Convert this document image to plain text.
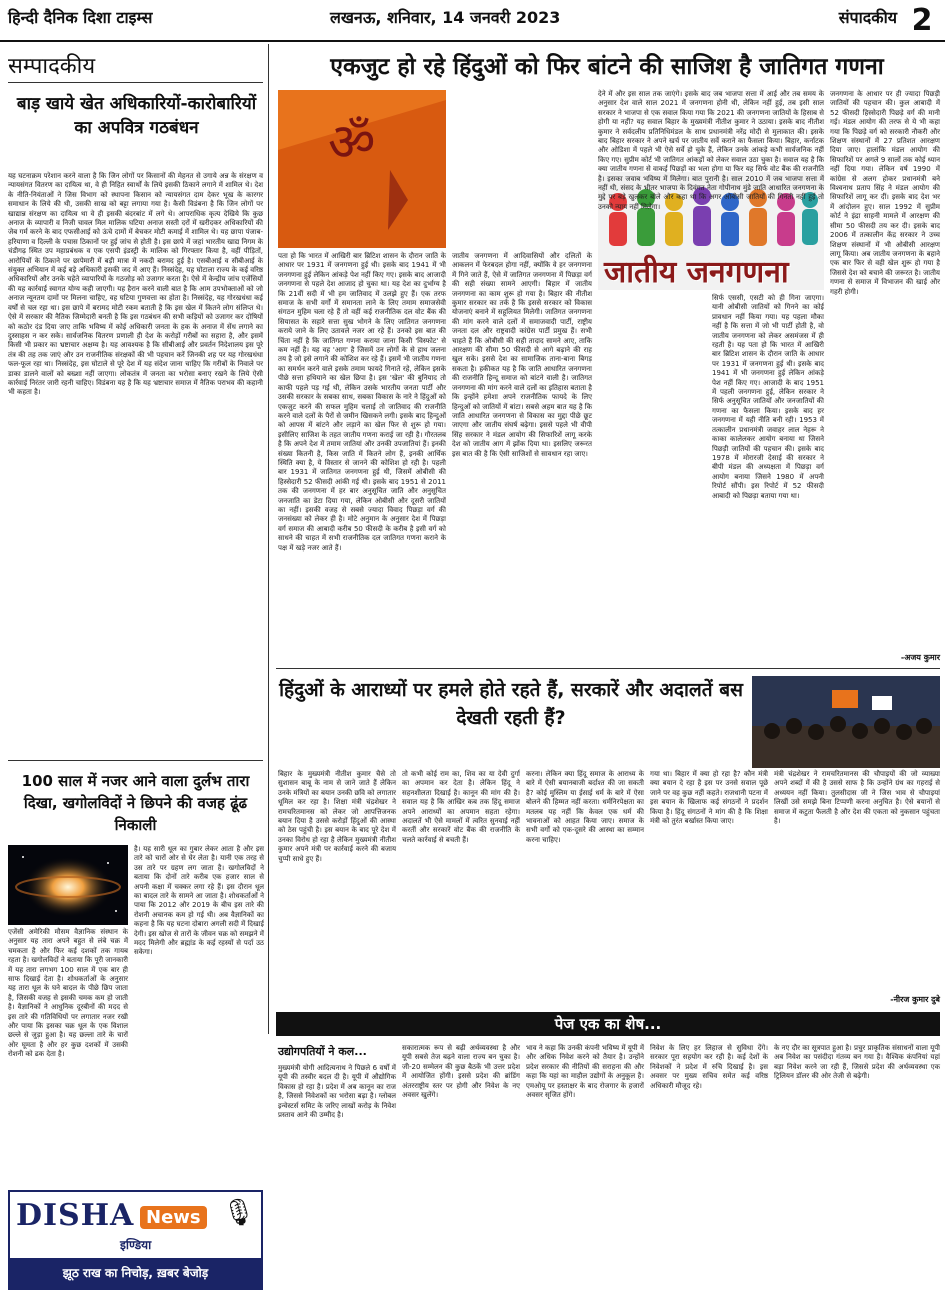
हिन्दी दैनिक दिशा टाइम्स	लखनऊ, शनिवार, 14 जनवरी 2023	संपादकीय 2
सम्पादकीय
बाड़ खाये खेत अधिकारियों-कारोबारियों का अपवित्र गठबंधन
यह घटनाक्रम परेशान करने वाला है कि जिन लोगों पर किसानों की मेहनत से उगाये अन्न के संरक्षण व न्यायसंगत वितरण का दायित्व था, वे ही निहित स्वार्थों के लिये इसकी ठिकाने लगाने में शामिल थे। देश के नीति-नियंताओं ने जिस विभाग को स्थापना किसान को न्यायसंगत दाम देकर भूख के कारगर समाधान के लिये की थी, उसकी साख को बट्टा लगाया गया है। कैसी विडंबना है कि जिन लोगों पर खाद्यान्न संरक्षण का दायित्व था वे ही इसकी बंदरबांट में लगे थे। आपराधिक कृत्य देखिये कि कुछ अनाज के व्यापारी व निजी चावल मिल मालिक घटिया अनाज सस्ती दरों में खरीदकर अधिकारियों की जेब गर्म करने के बाद एफसीआई को ऊंचे दामों में बेचकर मोटी कमाई में शामिल थे। यह छापा पंजाब-हरियाणा व दिल्ली के पचास ठिकानों पर हुई जांच से होती है। इस छापे में जहां भारतीय खाद्य निगम के चंडीगढ़ स्थित उप महाप्रबंधक व एक एसपी इंडस्ट्री के मालिक को गिरफ्तार किया है, वहीं पीड़ितों, आरोपियों के ठिकाने पर छापेमारी में बड़ी मात्रा में नकदी बरामद हुई है। एसबीआई व सीबीआई के संयुक्त अभियान में कई बड़े अधिकारी इसकी जद में आए हैं। निस्संदेह, यह घोटाला राज्य के कई वरिष्ठ अधिकारियों और उनके चहेते व्यापारियों के गठजोड़ को उजागर करता है। ऐसे में केन्द्रीय जांच एजेंसियों की यह कार्रवाई स्वागत योग्य कही जाएगी। यह हैरान करने वाली बात है कि आम उपभोक्ताओं को जो अनाज न्यूनतम दामों पर मिलना चाहिए, वह घटिया गुणवत्ता का होता है। निस्संदेह, यह गोरखधंधा कई वर्षों से चल रहा था। इस छापे में बरामद मोटी रकम बताती है कि इस खेल में कितने लोग संलिप्त थे। ऐसे में सरकार की नैतिक जिम्मेदारी बनती है कि इस गठबंधन की सभी कड़ियों को उजागर कर दोषियों को कठोर दंड दिया जाए ताकि भविष्य में कोई अधिकारी जनता के हक के अनाज में सेंध लगाने का दुस्साहस न कर सके। सार्वजनिक वितरण प्रणाली ही देश के करोड़ों गरीबों का सहारा है, और इसमें किसी भी प्रकार का भ्रष्टाचार अक्षम्य है। यह आवश्यक है कि सीबीआई और प्रवर्तन निदेशालय इस पूरे तंत्र की तह तक जाएं और उन राजनीतिक संरक्षकों की भी पहचान करें जिनकी शह पर यह गोरखधंधा फल-फूल रहा था। निस्संदेह, इस घोटाले से पूरे देश में यह संदेश जाना चाहिए कि गरीबों के निवाले पर डाका डालने वालों को बख्शा नहीं जाएगा। लोकतंत्र में जनता का भरोसा बनाए रखने के लिये ऐसी कार्रवाई निरंतर जारी रहनी चाहिए। विडंबना यह है कि यह भ्रष्टाचार समाज में नैतिक पराभव की कहानी भी कहता है।
100 साल में नजर आने वाला दुर्लभ तारा दिखा, खगोलविदों ने छिपने की वजह ढूंढ निकाली
एजेंसी अमेरिकी मौसम वैज्ञानिक संस्थान के अनुसार यह तारा अपने बहुत से लंबे चक्र में चमकता है और फिर कई दशकों तक गायब रहता है। खगोलविदों ने बताया कि पूरी जानकारी में यह तारा लगभग 100 साल में एक बार ही साफ दिखाई देता है। शोधकर्ताओं के अनुसार यह तारा धूल के घने बादल के पीछे छिप जाता है, जिसकी वजह से इसकी चमक कम हो जाती है। वैज्ञानिकों ने आधुनिक दूरबीनों की मदद से इस तारे की गतिविधियों पर लगातार नजर रखी और पाया कि इसका चक्र धूल के एक विशाल छल्ले से जुड़ा हुआ है। यह छल्ला तारे के चारों ओर घूमता है और हर कुछ दशकों में उसकी रोशनी को ढक देता है।
है। यह सारी धूल का गुबार लेकर आता है और इस तारे को चारों ओर से घेर लेता है। यानी एक तरह से उस तारे पर ग्रहण लग जाता है। खगोलविदों ने बताया कि दोनों तारे करीब एक हजार साल से अपनी कक्षा में चक्कर लगा रहे हैं। इस दौरान धूल का बादल तारे के सामने आ जाता है। शोधकर्ताओं ने पाया कि 2012 और 2019 के बीच इस तारे की रोशनी अचानक कम हो गई थी। अब वैज्ञानिकों का कहना है कि यह घटना दोबारा अगली सदी में दिखाई देगी। इस खोज से तारों के जीवन चक्र को समझने में मदद मिलेगी और ब्रह्मांड के कई रहस्यों से पर्दा उठ सकेगा।
एकजुट हो रहे हिंदुओं को फिर बांटने की साजिश है जातिगत गणना
ॐ
पता हो कि भारत में आखिरी बार ब्रिटिश शासन के दौरान जाति के आधार पर 1931 में जनगणना हुई थी। इसके बाद 1941 में भी जनगणना हुई लेकिन आंकड़े पेश नहीं किए गए। इसके बाद आजादी जनगणना से पहले देश आजाद हो चुका था। यह देश का दुर्भाग्य है कि 21वीं सदी में भी हम जातिवाद में उलझे हुए हैं। एक तरफ समाज के सभी वर्गों में समानता लाने के लिए तमाम समाजसेवी संगठन मुहिम चला रहे हैं तो वहीं कई राजनीतिक दल वोट बैंक की सियासत के सहारे सत्ता सुख भोगने के लिए जातिगत जनगणना कराये जाने के लिए उतावले नजर आ रहे हैं। उनको इस बात की चिंता नहीं है कि जातिगत गणना कराया जाना किसी 'विस्फोट' से कम नहीं है। यह वह 'आग' है जिसमें उन लोगों के से हाथ जलना तय है जो इसे लगाने की कोशिश कर रहे हैं। इसमें भी जातीय गणना का समर्थन करने वाले इसके तमाम फायदे गिनाते रहे, लेकिन इसके पीछे सत्ता हथियाने का खेल छिपा है। इस 'खेल' की बुनियाद तो काफी पहले पड़ गई थी, लेकिन उसके भारतीय जनता पार्टी और उसकी सरकार के सबका साथ, सबका विकास के नारे ने हिंदुओं को एकजुट करने की सफल मुहिम चलाई तो जातिवाद की राजनीति करने वाले दलों के पैरों से जमीन खिसकने लगी। इसके बाद हिन्दुओं को आपस में बांटने और लड़ाने का खेल फिर से शुरू हो गया। इसीलिए साजिश के तहत जातीय गणना कराई जा रही है। गौरतलब है कि अपने देश में तमाम जातियां और उनकी उपजातियां हैं। इनकी संख्या कितनी है, किस जाति में कितने लोग हैं, इनकी आर्थिक स्थिति क्या है, ये विस्तार से जानने की कोशिश हो रही है। पहली बार 1931 में जातिगत जनगणना हुई थी, जिसमें ओबीसी की हिस्सेदारी 52 फीसदी आंकी गई थी। इसके बाद 1951 से 2011 तक की जनगणना में हर बार अनुसूचित जाति और अनुसूचित जनजाति का डेटा दिया गया, लेकिन ओबीसी और दूसरी जातियों का नहीं। इसकी वजह से सबसे ज्यादा विवाद पिछड़ा वर्ग की जनसंख्या को लेकर ही है। मोटे अनुमान के अनुसार देश में पिछड़ा वर्ग समाज की आबादी करीब 50 फीसदी के करीब है इसी वर्ग को साधने की चाहत में सभी राजनीतिक दल जातिगत गणना कराने के पक्ष में खड़े नजर आते हैं।
जातीय जनगणना में आदिवासियों और दलितों के आकलन में फेरबदल होगा नहीं, क्योंकि वे हर जनगणना में गिने जाते हैं, ऐसे में जातिगत जनगणना में पिछड़ा वर्ग की सही संख्या सामने आएगी। बिहार में जातीय जनगणना का काम शुरू हो गया है। बिहार की नीतीश कुमार सरकार का तर्क है कि इससे सरकार को विकास योजनाएं बनाने में सहूलियत मिलेगी। जातिगत जनगणना की मांग करने वाले दलों में समाजवादी पार्टी, राष्ट्रीय जनता दल और राष्ट्रवादी कांग्रेस पार्टी प्रमुख हैं। सभी चाहते हैं कि ओबीसी की सही तादाद सामने आए, ताकि आरक्षण की सीमा 50 फीसदी से आगे बढ़ाने की राह खुल सके। इससे देश का सामाजिक ताना-बाना बिगड़ सकता है। हकीकत यह है कि जाति आधारित जनगणना की राजनीति हिन्दू समाज को बांटने वाली है। जातिगत जनगणना की मांग करने वाले दलों का इतिहास बताता है कि इन्होंने हमेशा अपने राजनीतिक फायदे के लिए हिन्दुओं को जातियों में बांटा। सबसे अहम बात यह है कि जाति आधारित जनगणना से विकास का मुद्दा पीछे छूट जाएगा और जातीय संघर्ष बढ़ेगा। इससे पहले भी वीपी सिंह सरकार ने मंडल आयोग की सिफारिशें लागू करके देश को जातीय आग में झोंक दिया था। इसलिए जरूरत इस बात की है कि ऐसी साजिशों से सावधान रहा जाए।
जातीय जनगणना
देने में और इस साल तक जाएंगे। इसके बाद जब भाजपा सत्ता में आई और तब समय के अनुसार देश वाले साल 2021 में जनगणना होनी थी, लेकिन नहीं हुई, तब इसी साल सरकार ने भाजपा से एक सवाल किया गया कि 2021 की जनगणना जातियों के हिसाब से होगी या नहीं? यह सवाल बिहार के मुख्यमंत्री नीतीश कुमार ने उठाया। इसके बाद नीतीश कुमार ने सर्वदलीय प्रतिनिधिमंडल के साथ प्रधानमंत्री नरेंद्र मोदी से मुलाकात की। इसके बाद बिहार सरकार ने अपने खर्च पर जातीय सर्वे कराने का फैसला किया। बिहार, कर्नाटक और ओडिशा में पहले भी ऐसे सर्वे हो चुके हैं, लेकिन उनके आंकड़े कभी सार्वजनिक नहीं किए गए। सुप्रीम कोर्ट भी जातिगत आंकड़ों को लेकर सवाल उठा चुका है। सवाल यह है कि क्या जातीय गणना से वाकई पिछड़ों का भला होगा या फिर यह सिर्फ वोट बैंक की राजनीति है। इसका जवाब भविष्य में मिलेगा। बात पुरानी है। साल 2010 में जब भाजपा सत्ता में नहीं थी, संसद के भीतर भाजपा के दिवंगत नेता गोपीनाथ मुंडे जाति आधारित जनगणना के मुद्दे पर बड़े खुलकर बोले और कहा था कि अगर ओबीसी जातियों की गिनती नहीं हुई तो उनको न्याय नहीं मिलेगा।
सिर्फ एससी, एसटी को ही गिना जाएगा। यानी ओबीसी जातियों को गिनने का कोई प्रावधान नहीं किया गया। यह पहला मौका नहीं है कि सत्ता में जो भी पार्टी होती है, वो जातीय जनगणना को लेकर असमंजस में ही रहती है। यह पता हो कि भारत में आखिरी बार ब्रिटिश शासन के दौरान जाति के आधार पर 1931 में जनगणना हुई थी। इसके बाद 1941 में भी जनगणना हुई लेकिन आंकड़े पेश नहीं किए गए। आजादी के बाद 1951 में पहली जनगणना हुई, लेकिन सरकार ने सिर्फ अनुसूचित जातियों और जनजातियों की गणना का फैसला किया। इसके बाद हर जनगणना में यही नीति बनी रही। 1953 में तत्कालीन प्रधानमंत्री जवाहर लाल नेहरू ने काका कालेलकर आयोग बनाया था जिसने पिछड़ी जातियों की पहचान की। इसके बाद 1978 में मोरारजी देसाई की सरकार ने बीपी मंडल की अध्यक्षता में पिछड़ा वर्ग आयोग बनाया जिसने 1980 में अपनी रिपोर्ट सौंपी। इस रिपोर्ट में 52 फीसदी आबादी को पिछड़ा बताया गया था।
जनगणना के आधार पर ही ज्यादा पिछड़ी जातियों की पहचान की। कुल आबादी में 52 फीसदी हिस्सेदारी पिछड़े वर्ग की मानी गई। मंडल आयोग की तरफ से ये भी कहा गया कि पिछड़े वर्ग को सरकारी नौकरी और शिक्षण संस्थानों में 27 प्रतिशत आरक्षण दिया जाए। हालांकि मंडल आयोग की सिफारिशें पर अगले 9 सालों तक कोई ध्यान नहीं दिया गया। लेकिन वर्ष 1990 में कांग्रेस से अलग होकर प्रधानमंत्री बने विश्वनाथ प्रताप सिंह ने मंडल आयोग की सिफारिशें लागू कर दीं। इसके बाद देश भर में आंदोलन हुए। साल 1992 में सुप्रीम कोर्ट ने इंद्रा साहनी मामले में आरक्षण की सीमा 50 फीसदी तय कर दी। इसके बाद 2006 में तत्कालीन केंद्र सरकार ने उच्च शिक्षण संस्थानों में भी ओबीसी आरक्षण लागू किया। अब जातीय जनगणना के बहाने एक बार फिर से वही खेल शुरू हो गया है जिससे देश को बचाने की जरूरत है। जातीय गणना से समाज में विभाजन की खाई और गहरी होगी।
-अजय कुमार
हिंदुओं के आराध्यों पर हमले होते रहते हैं, सरकारें और अदालतें बस देखती रहती हैं?
बिहार के मुख्यमंत्री नीतीश कुमार चैसे तो सुशासन बाबू के नाम से जाने जाते हैं लेकिन उनके मंत्रियों का बयान उनकी छवि को लगातार धूमिल कर रहा है। शिक्षा मंत्री चंद्रशेखर ने रामचरितमानस को लेकर जो आपत्तिजनक बयान दिया है उससे करोड़ों हिंदुओं की आस्था को ठेस पहुंची है। इस बयान के बाद पूरे देश में उनका विरोध हो रहा है लेकिन मुख्यमंत्री नीतीश कुमार अपने मंत्री पर कार्रवाई करने की बजाय चुप्पी साधे हुए हैं।
तो कभी कोई राम का, शिव का या देवी दुर्गा का अपमान कर देता है। लेकिन हिंदू ने सहनशीलता दिखाई है। कानून की मांग की है। सवाल यह है कि आखिर कब तक हिंदू समाज अपने आराध्यों का अपमान सहता रहेगा। अदालतें भी ऐसे मामलों में त्वरित सुनवाई नहीं करतीं और सरकारें वोट बैंक की राजनीति के चलते कार्रवाई से बचती हैं।
करना। लेकिन क्या हिंदू समाज के आराध्य के बारे में ऐसी बयानबाजी बर्दाश्त की जा सकती है? कोई मुस्लिम या ईसाई धर्म के बारे में ऐसा बोलने की हिम्मत नहीं करता। धर्मनिरपेक्षता का मतलब यह नहीं कि केवल एक धर्म की भावनाओं को आहत किया जाए। समाज के सभी वर्गों को एक-दूसरे की आस्था का सम्मान करना चाहिए।
गया था। बिहार में क्या हो रहा है? कौन मंत्री क्या बयान दे रहा है इस पर उनसे सवाल पूछे जाने पर वह कुछ नहीं कहते। राजधानी पटना में इस बयान के खिलाफ कई संगठनों ने प्रदर्शन किया है। हिंदू संगठनों ने मांग की है कि शिक्षा मंत्री को तुरंत बर्खास्त किया जाए।
मंत्री चंद्रशेखर ने रामचरितमानस की चौपाइयों की जो व्याख्या अपने शब्दों में की है उससे साफ है कि उन्होंने ग्रंथ का गहराई से अध्ययन नहीं किया। तुलसीदास जी ने जिस भाव से चौपाइयां लिखीं उसे समझे बिना टिप्पणी करना अनुचित है। ऐसे बयानों से समाज में कटुता फैलती है और देश की एकता को नुकसान पहुंचता है।
-नीरज कुमार दुबे
पेज एक का शेष...
उद्योगपतियों ने कल...
मुख्यमंत्री योगी आदित्यनाथ ने पिछले 6 वर्षों में यूपी की तस्वीर बदल दी है। यूपी में औद्योगिक विकास हो रहा है। प्रदेश में अब कानून का राज है, जिससे निवेशकों का भरोसा बढ़ा है। ग्लोबल इन्वेस्टर्स समिट के जरिए लाखों करोड़ के निवेश प्रस्ताव आने की उम्मीद है।
सकारात्मक रूप से बढ़ी अर्थव्यवस्था है और यूपी सबसे तेज बढ़ने वाला राज्य बन चुका है। जी-20 सम्मेलन की कुछ बैठकें भी उत्तर प्रदेश में आयोजित होंगी। इससे प्रदेश की ब्रांडिंग अंतरराष्ट्रीय स्तर पर होगी और निवेश के नए अवसर खुलेंगे।
भाव ने कहा कि उनकी कंपनी भविष्य में यूपी में और अधिक निवेश करने को तैयार है। उन्होंने प्रदेश सरकार की नीतियों की सराहना की और कहा कि यहां का माहौल उद्योगों के अनुकूल है। एमओयू पर हस्ताक्षर के बाद रोजगार के हजारों अवसर सृजित होंगे।
निवेश के लिए हर लिहाज से सुविधा देंगे। सरकार पूरा सहयोग कर रही है। कई देशों के निवेशकों ने प्रदेश में रुचि दिखाई है। इस अवसर पर मुख्य सचिव समेत कई वरिष्ठ अधिकारी मौजूद रहे।
के नए दौर का सूत्रपात हुआ है। प्रचुर प्राकृतिक संसाधनों वाला यूपी अब निवेश का पसंदीदा गंतव्य बन गया है। वैश्विक कंपनियां यहां बड़ा निवेश करने जा रही हैं, जिससे प्रदेश की अर्थव्यवस्था एक ट्रिलियन डॉलर की ओर तेजी से बढ़ेगी।
DISHA News 🎙
इण्डिया
झूठ राख का निचोड़, ख़बर बेजोड़
